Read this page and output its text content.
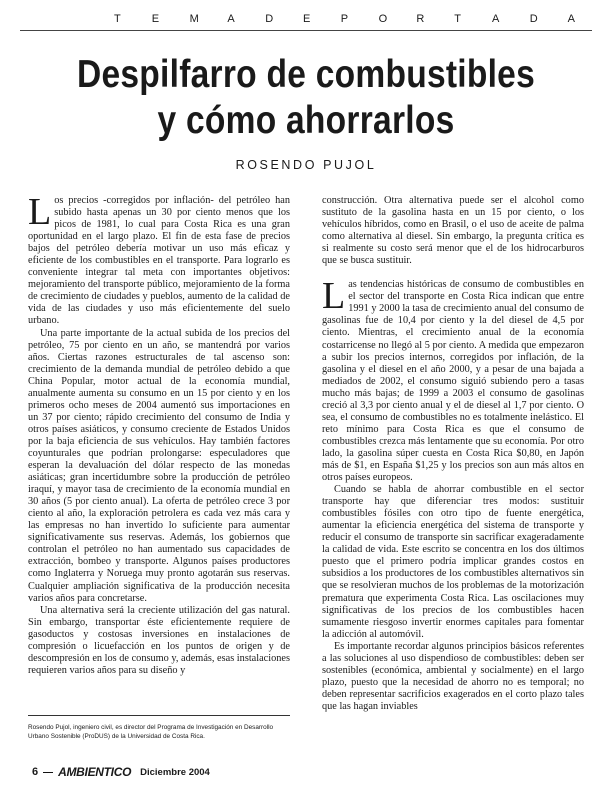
T	E	M	A	D	E	P	O	R	T	A	D	A
Despilfarro de combustibles
y cómo ahorrarlos
ROSENDO PUJOL

Los precios -corregidos por inflación- del petróleo han subido hasta apenas un 30 por ciento menos que los picos de 1981, lo cual para Costa Rica es una gran oportunidad en el largo plazo. El fin de esta fase de precios bajos del petróleo debería motivar un uso más eficaz y eficiente de los combustibles en el transporte. Para lograrlo es conveniente integrar tal meta con importantes objetivos: mejoramiento del transporte público, mejoramiento de la forma de crecimiento de ciudades y pueblos, aumento de la calidad de vida de las ciudades y uso más eficientemente del suelo urbano.

Una parte importante de la actual subida de los precios del petróleo, 75 por ciento en un año, se mantendrá por varios años. Ciertas razones estructurales de tal ascenso son: crecimiento de la demanda mundial de petróleo debido a que China Popular, motor actual de la economía mundial, anualmente aumenta su consumo en un 15 por ciento y en los primeros ocho meses de 2004 aumentó sus importaciones en un 37 por ciento; rápido crecimiento del consumo de India y otros países asiáticos, y consumo creciente de Estados Unidos por la baja eficiencia de sus vehículos. Hay también factores coyunturales que podrían prolongarse: especuladores que esperan la devaluación del dólar respecto de las monedas asiáticas; gran incertidumbre sobre la producción de petróleo iraquí, y mayor tasa de crecimiento de la economía mundial en 30 años (5 por ciento anual). La oferta de petróleo crece 3 por ciento al año, la exploración petrolera es cada vez más cara y las empresas no han invertido lo suficiente para aumentar significativamente sus reservas. Además, los gobiernos que controlan el petróleo no han aumentado sus capacidades de extracción, bombeo y transporte. Algunos países productores como Inglaterra y Noruega muy pronto agotarán sus reservas. Cualquier ampliación significativa de la producción necesita varios años para concretarse.

Una alternativa será la creciente utilización del gas natural. Sin embargo, transportar éste eficientemente requiere de gasoductos y costosas inversiones en instalaciones de compresión o licuefacción en los puntos de origen y de descompresión en los de consumo y, además, esas instalaciones requieren varios años para su diseño y

construcción. Otra alternativa puede ser el alcohol como sustituto de la gasolina hasta en un 15 por ciento, o los vehículos híbridos, como en Brasil, o el uso de aceite de palma como alternativa al diesel. Sin embargo, la pregunta crítica es si realmente su costo será menor que el de los hidrocarburos que se busca sustituir.

Las tendencias históricas de consumo de combustibles en el sector del transporte en Costa Rica indican que entre 1991 y 2000 la tasa de crecimiento anual del consumo de gasolinas fue de 10,4 por ciento y la del diesel de 4,5 por ciento. Mientras, el crecimiento anual de la economía costarricense no llegó al 5 por ciento. A medida que empezaron a subir los precios internos, corregidos por inflación, de la gasolina y el diesel en el año 2000, y a pesar de una bajada a mediados de 2002, el consumo siguió subiendo pero a tasas mucho más bajas; de 1999 a 2003 el consumo de gasolinas creció al 3,3 por ciento anual y el de diesel al 1,7 por ciento. O sea, el consumo de combustibles no es totalmente inelástico. El reto mínimo para Costa Rica es que el consumo de combustibles crezca más lentamente que su economía. Por otro lado, la gasolina súper cuesta en Costa Rica $0,80, en Japón más de $1, en España $1,25 y los precios son aun más altos en otros países europeos.

Cuando se habla de ahorrar combustible en el sector transporte hay que diferenciar tres modos: sustituir combustibles fósiles con otro tipo de fuente energética, aumentar la eficiencia energética del sistema de transporte y reducir el consumo de transporte sin sacrificar exageradamente la calidad de vida. Este escrito se concentra en los dos últimos puesto que el primero podría implicar grandes costos en subsidios a los productores de los combustibles alternativos sin que se resolvieran muchos de los problemas de la motorización prematura que experimenta Costa Rica. Las oscilaciones muy significativas de los precios de los combustibles hacen sumamente riesgoso invertir enormes capitales para fomentar la adicción al automóvil.

Es importante recordar algunos principios básicos referentes a las soluciones al uso dispendioso de combustibles: deben ser sostenibles (económica, ambiental y socialmente) en el largo plazo, puesto que la necesidad de ahorro no es temporal; no deben representar sacrificios exagerados en el corto plazo tales que las hagan inviables

Rosendo Pujol, ingeniero civil, es director del Programa de Investigación en Desarrollo Urbano Sostenible (ProDUS) de la Universidad de Costa Rica.
6 AMBIENTICO Diciembre 2004
